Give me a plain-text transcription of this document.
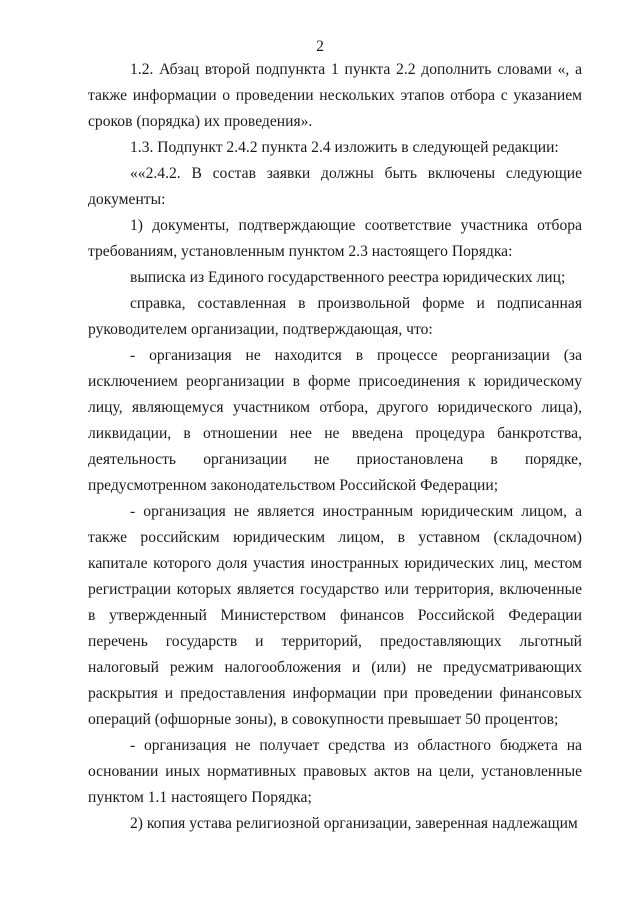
2

1.2. Абзац второй подпункта 1 пункта 2.2 дополнить словами «, а также информации о проведении нескольких этапов отбора с указанием сроков (порядка) их проведения».

1.3. Подпункт 2.4.2 пункта 2.4 изложить в следующей редакции:

««2.4.2. В состав заявки должны быть включены следующие документы:

1) документы, подтверждающие соответствие участника отбора требованиям, установленным пунктом 2.3 настоящего Порядка:

выписка из Единого государственного реестра юридических лиц;

справка, составленная в произвольной форме и подписанная руководителем организации, подтверждающая, что:

- организация не находится в процессе реорганизации (за исключением реорганизации в форме присоединения к юридическому лицу, являющемуся участником отбора, другого юридического лица), ликвидации, в отношении нее не введена процедура банкротства, деятельность организации не приостановлена в порядке, предусмотренном законодательством Российской Федерации;

- организация не является иностранным юридическим лицом, а также российским юридическим лицом, в уставном (складочном) капитале которого доля участия иностранных юридических лиц, местом регистрации которых является государство или территория, включенные в утвержденный Министерством финансов Российской Федерации перечень государств и территорий, предоставляющих льготный налоговый режим налогообложения и (или) не предусматривающих раскрытия и предоставления информации при проведении финансовых операций (офшорные зоны), в совокупности превышает 50 процентов;

- организация не получает средства из областного бюджета на основании иных нормативных правовых актов на цели, установленные пунктом 1.1 настоящего Порядка;

2) копия устава религиозной организации, заверенная надлежащим
